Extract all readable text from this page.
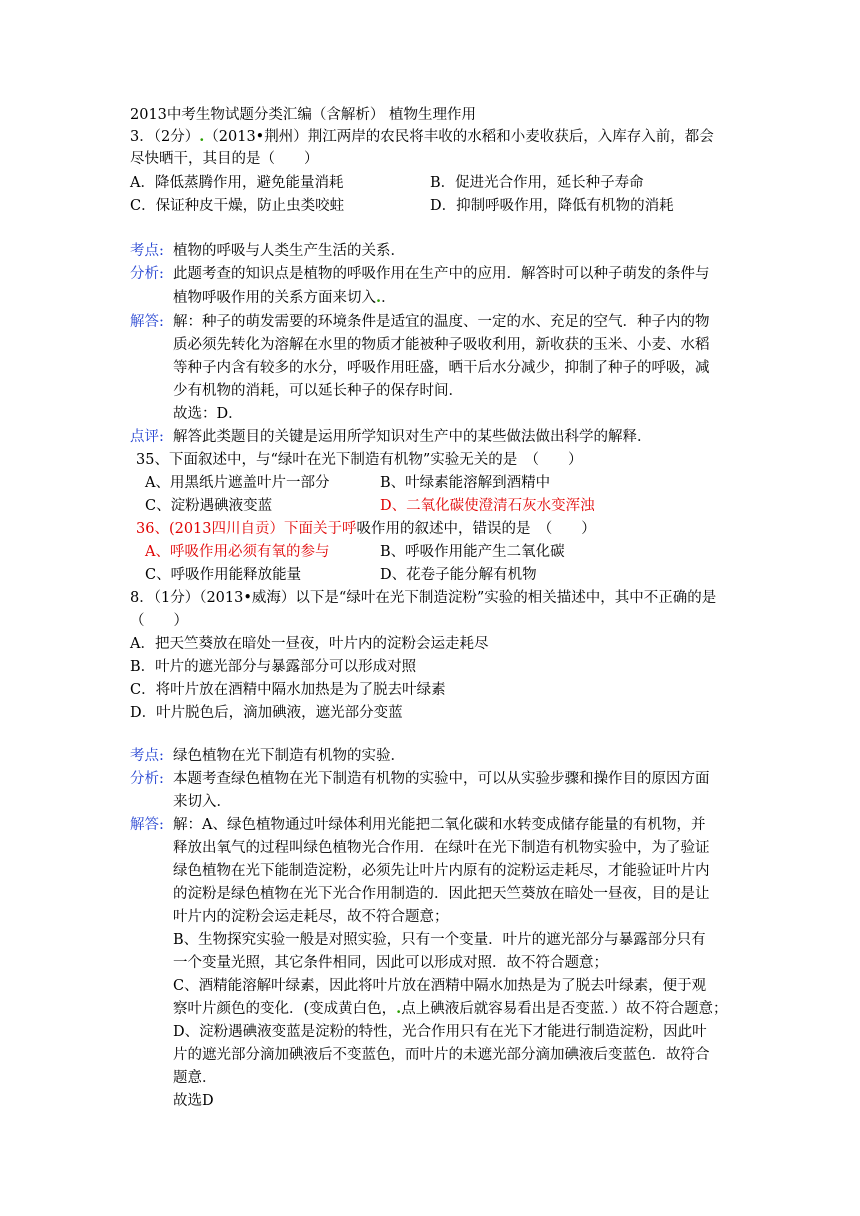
2013中考生物试题分类汇编（含解析） 植物生理作用
3．（2分）.（2013•荆州）荆江两岸的农民将丰收的水稻和小麦收获后，入库存入前，都会
尽快晒干，其目的是（　　）
A．降低蒸腾作用，避免能量消耗	B．促进光合作用，延长种子寿命
C．保证种皮干燥，防止虫类咬蛀	D．抑制呼吸作用，降低有机物的消耗
考点: 植物的呼吸与人类生产生活的关系．
分析: 此题考查的知识点是植物的呼吸作用在生产中的应用．解答时可以种子萌发的条件与
植物呼吸作用的关系方面来切入.．
解答: 解：种子的萌发需要的环境条件是适宜的温度、一定的水、充足的空气．种子内的物
质必须先转化为溶解在水里的物质才能被种子吸收利用，新收获的玉米、小麦、水稻
等种子内含有较多的水分，呼吸作用旺盛，晒干后水分减少，抑制了种子的呼吸，减
少有机物的消耗，可以延长种子的保存时间．
故选：D．
点评: 解答此类题目的关键是运用所学知识对生产中的某些做法做出科学的解释．
35、下面叙述中，与“绿叶在光下制造有机物”实验无关的是　（　　）
A、用黑纸片遮盖叶片一部分	B、叶绿素能溶解到酒精中
C、淀粉遇碘液变蓝	D、二氧化碳使澄清石灰水变浑浊
36、(2013四川自贡）下面关于呼吸作用的叙述中，错误的是　（　　）
A、呼吸作用必须有氧的参与	B、呼吸作用能产生二氧化碳
C、呼吸作用能释放能量	D、花卷子能分解有机物
8．（1分）（2013•威海）以下是“绿叶在光下制造淀粉”实验的相关描述中，其中不正确的是
（　　）
A．把天竺葵放在暗处一昼夜，叶片内的淀粉会运走耗尽
B．叶片的遮光部分与暴露部分可以形成对照
C．将叶片放在酒精中隔水加热是为了脱去叶绿素
D．叶片脱色后，滴加碘液，遮光部分变蓝
考点: 绿色植物在光下制造有机物的实验．
分析: 本题考查绿色植物在光下制造有机物的实验中，可以从实验步骤和操作目的原因方面
来切入．
解答: 解：A、绿色植物通过叶绿体利用光能把二氧化碳和水转变成储存能量的有机物，并
释放出氧气的过程叫绿色植物光合作用．在绿叶在光下制造有机物实验中，为了验证
绿色植物在光下能制造淀粉，必须先让叶片内原有的淀粉运走耗尽，才能验证叶片内
的淀粉是绿色植物在光下光合作用制造的．因此把天竺葵放在暗处一昼夜，目的是让
叶片内的淀粉会运走耗尽，故不符合题意；
B、生物探究实验一般是对照实验，只有一个变量．叶片的遮光部分与暴露部分只有
一个变量光照，其它条件相同，因此可以形成对照．故不符合题意；
C、酒精能溶解叶绿素，因此将叶片放在酒精中隔水加热是为了脱去叶绿素，便于观
察叶片颜色的变化．(变成黄白色，.点上碘液后就容易看出是否变蓝．）故不符合题意；
D、淀粉遇碘液变蓝是淀粉的特性，光合作用只有在光下才能进行制造淀粉，因此叶
片的遮光部分滴加碘液后不变蓝色，而叶片的未遮光部分滴加碘液后变蓝色．故符合
题意．
故选D
